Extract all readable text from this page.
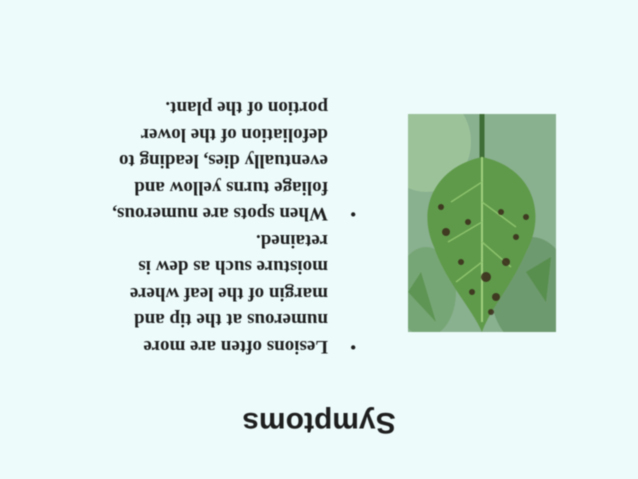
Symptoms
•
Lesions often are more
numerous at the tip and
margin of the leaf where
moisture such as dew is
retained.
•
When spots are numerous,
foliage turns yellow and
eventually dies, leading to
defoliation of the lower
portion of the plant.
